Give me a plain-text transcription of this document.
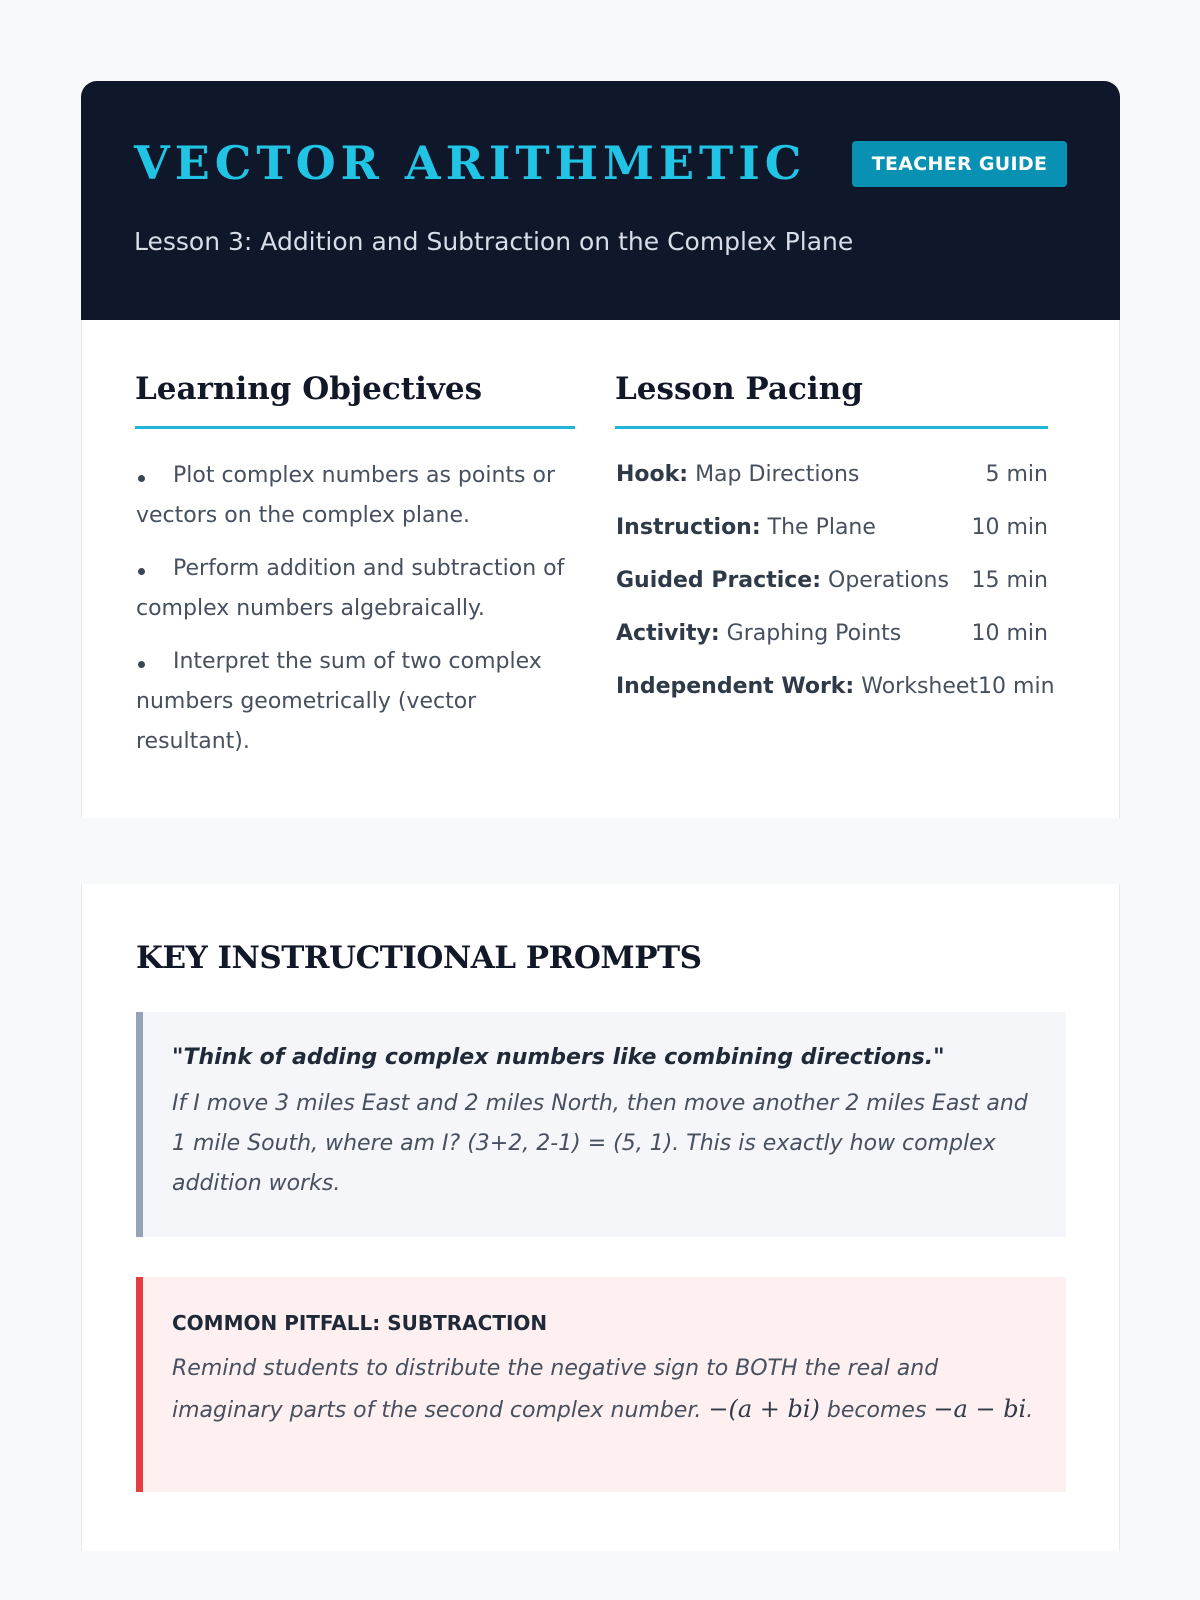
VECTOR ARITHMETIC	TEACHER GUIDE
Lesson 3: Addition and Subtraction on the Complex Plane
Learning Objectives
Plot complex numbers as points or vectors on the complex plane.
Perform addition and subtraction of complex numbers algebraically.
Interpret the sum of two complex numbers geometrically (vector resultant).
Lesson Pacing
Hook: Map Directions	5 min
Instruction: The Plane	10 min
Guided Practice: Operations 15 min
Activity: Graphing Points	10 min
Independent Work: Worksheet 10 min
KEY INSTRUCTIONAL PROMPTS
"Think of adding complex numbers like combining directions."
If I move 3 miles East and 2 miles North, then move another 2 miles East and 1 mile South, where am I? (3+2, 2-1) = (5, 1). This is exactly how complex addition works.
COMMON PITFALL: SUBTRACTION
Remind students to distribute the negative sign to BOTH the real and imaginary parts of the second complex number. −(a + bi) becomes −a − bi.
